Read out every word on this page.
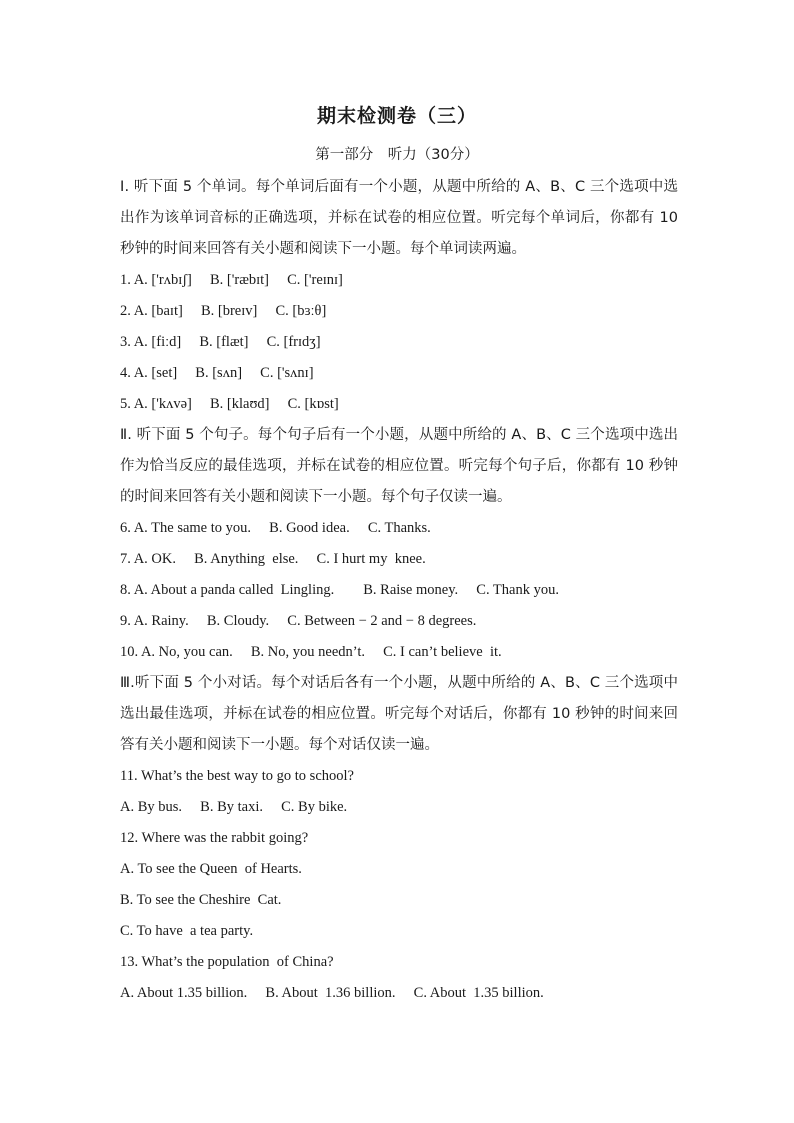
期末检测卷（三）
第一部分　听力（30分）

Ⅰ. 听下面 5 个单词。每个单词后面有一个小题，从题中所给的 A、B、C 三个选项中选出作为该单词音标的正确选项，并标在试卷的相应位置。听完每个单词后，你都有 10 秒钟的时间来回答有关小题和阅读下一小题。每个单词读两遍。

1. A. ['rʌbɪʃ]　 B. ['ræbɪt]　 C. ['reɪnɪ]
2. A. [baɪt]　 B. [breɪv]　 C. [bɜːθ]
3. A. [fiːd]　 B. [flæt]　 C. [frɪdʒ]
4. A. [set]　 B. [sʌn]　 C. ['sʌnɪ]
5. A. ['kʌvə]　 B. [klaʊd]　 C. [kɒst]

Ⅱ. 听下面 5 个句子。每个句子后有一个小题，从题中所给的 A、B、C 三个选项中选出作为恰当反应的最佳选项，并标在试卷的相应位置。听完每个句子后，你都有 10 秒钟的时间来回答有关小题和阅读下一小题。每个句子仅读一遍。

6. A. The same to you.　 B. Good idea.　 C. Thanks.
7. A. OK.　 B. Anything  else.　 C. I hurt my  knee.
8. A. About a panda called  Lingling.　　B. Raise money.　 C. Thank you.
9. A. Rainy.　 B. Cloudy.　 C. Between − 2 and − 8 degrees.
10. A. No, you can.　 B. No, you needn’t.　 C. I can’t believe  it.

Ⅲ.听下面 5 个小对话。每个对话后各有一个小题，从题中所给的 A、B、C 三个选项中选出最佳选项，并标在试卷的相应位置。听完每个对话后，你都有 10 秒钟的时间来回答有关小题和阅读下一小题。每个对话仅读一遍。

11. What’s the best way to go to school?
A. By bus.　 B. By taxi.　 C. By bike.
12. Where was the rabbit going?
A. To see the Queen  of Hearts.
B. To see the Cheshire  Cat.
C. To have  a tea party.
13. What’s the population  of China?
A. About 1.35 billion.　 B. About  1.36 billion.　 C. About  1.35 billion.
